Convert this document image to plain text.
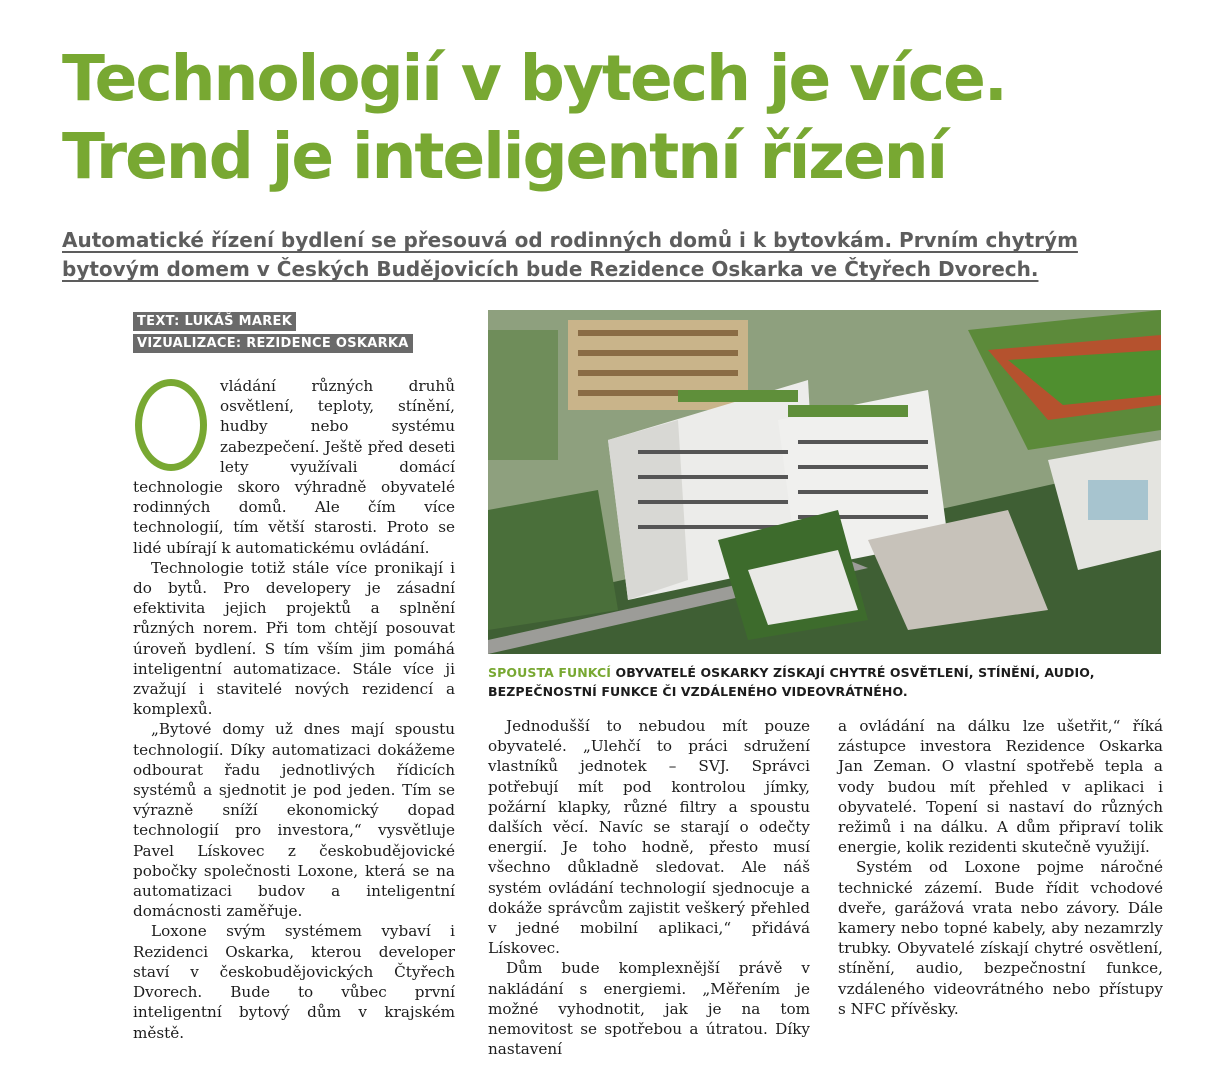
Technologií v bytech je více.
Trend je inteligentní řízení

Automatické řízení bydlení se přesouvá od rodinných domů i k bytovkám. Prvním chytrým bytovým domem v Českých Budějovicích bude Rezidence Oskarka ve Čtyřech Dvorech.

TEXT: LUKÁŠ MAREK
VIZUALIZACE: REZIDENCE OSKARKA

vládání různých druhů osvětlení, teploty, stínění, hudby nebo systému zabezpečení. Ještě před deseti lety využívali domácí technologie skoro výhradně obyvatelé rodinných domů. Ale čím více technologií, tím větší starosti. Proto se lidé ubírají k automatickému ovládání.

Technologie totiž stále více pronikají i do bytů. Pro developery je zásadní efektivita jejich projektů a splnění různých norem. Při tom chtějí posouvat úroveň bydlení. S tím vším jim pomáhá inteligentní automatizace. Stále více ji zvažují i stavitelé nových rezidencí a komplexů.

„Bytové domy už dnes mají spoustu technologií. Díky automatizaci dokážeme odbourat řadu jednotlivých řídicích systémů a sjednotit je pod jeden. Tím se výrazně sníží ekonomický dopad technologií pro investora,“ vysvětluje Pavel Lískovec z českobudějovické pobočky společnosti Loxone, která se na automatizaci budov a inteligentní domácnosti zaměřuje.

Loxone svým systémem vybaví i Rezidenci Oskarka, kterou developer staví v českobudějovických Čtyřech Dvorech. Bude to vůbec první inteligentní bytový dům v krajském městě.

SPOUSTA FUNKCÍ OBYVATELÉ OSKARKY ZÍSKAJÍ CHYTRÉ OSVĚTLENÍ, STÍNĚNÍ, AUDIO, BEZPEČNOSTNÍ FUNKCE ČI VZDÁLENÉHO VIDEOVRÁTNÉHO.

Jednodušší to nebudou mít pouze obyvatelé. „Ulehčí to práci sdružení vlastníků jednotek – SVJ. Správci potřebují mít pod kontrolou jímky, požární klapky, různé filtry a spoustu dalších věcí. Navíc se starají o odečty energií. Je toho hodně, přesto musí všechno důkladně sledovat. Ale náš systém ovládání technologií sjednocuje a dokáže správcům zajistit veškerý přehled v jedné mobilní aplikaci,“ přidává Lískovec.

Dům bude komplexnější právě v nakládání s energiemi. „Měřením je možné vyhodnotit, jak je na tom nemovitost se spotřebou a útratou. Díky nastavení

a ovládání na dálku lze ušetřit,“ říká zástupce investora Rezidence Oskarka Jan Zeman. O vlastní spotřebě tepla a vody budou mít přehled v aplikaci i obyvatelé. Topení si nastaví do různých režimů i na dálku. A dům připraví tolik energie, kolik rezidenti skutečně využijí.

Systém od Loxone pojme náročné technické zázemí. Bude řídit vchodové dveře, garážová vrata nebo závory. Dále kamery nebo topné kabely, aby nezamrzly trubky. Obyvatelé získají chytré osvětlení, stínění, audio, bezpečnostní funkce, vzdáleného videovrátného nebo přístupy s NFC přívěsky.
